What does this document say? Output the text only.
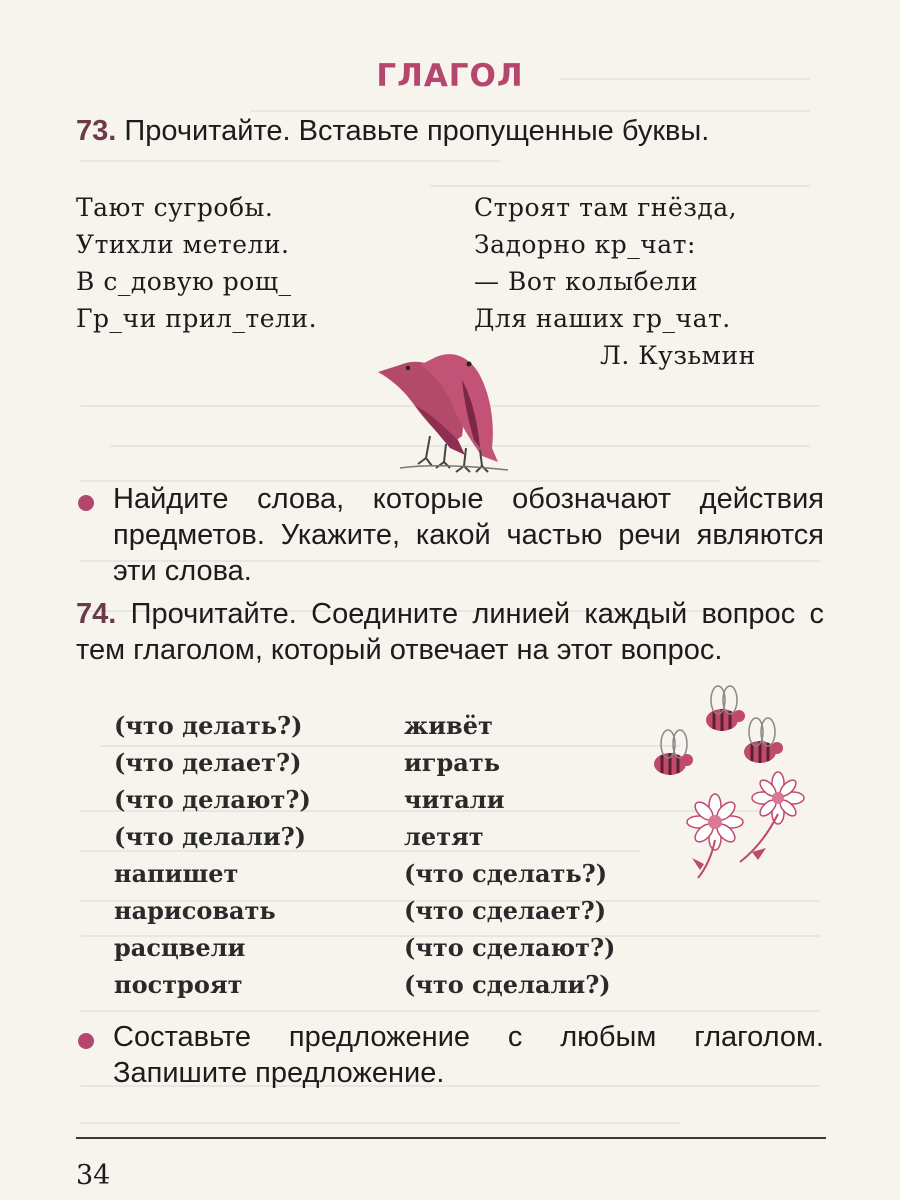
ГЛАГОЛ
73. Прочитайте. Вставьте пропущенные буквы.
Тают сугробы.
Утихли метели.
В с_довую рощ_
Гр_чи прил_тели.
Строят там гнёзда,
Задорно кр_чат:
— Вот колыбели
Для наших гр_чат.
Л. Кузьмин
Найдите слова, которые обозначают действия предметов. Укажите, какой частью речи являются эти слова.
74. Прочитайте. Соедините линией каждый вопрос с тем глаголом, который отвечает на этот вопрос.
(что делать?)
(что делает?)
(что делают?)
(что делали?)
напишет
нарисовать
расцвели
построят
живёт
играть
читали
летят
(что сделать?)
(что сделает?)
(что сделают?)
(что сделали?)
Составьте предложение с любым глаголом. Запишите предложение.
34
